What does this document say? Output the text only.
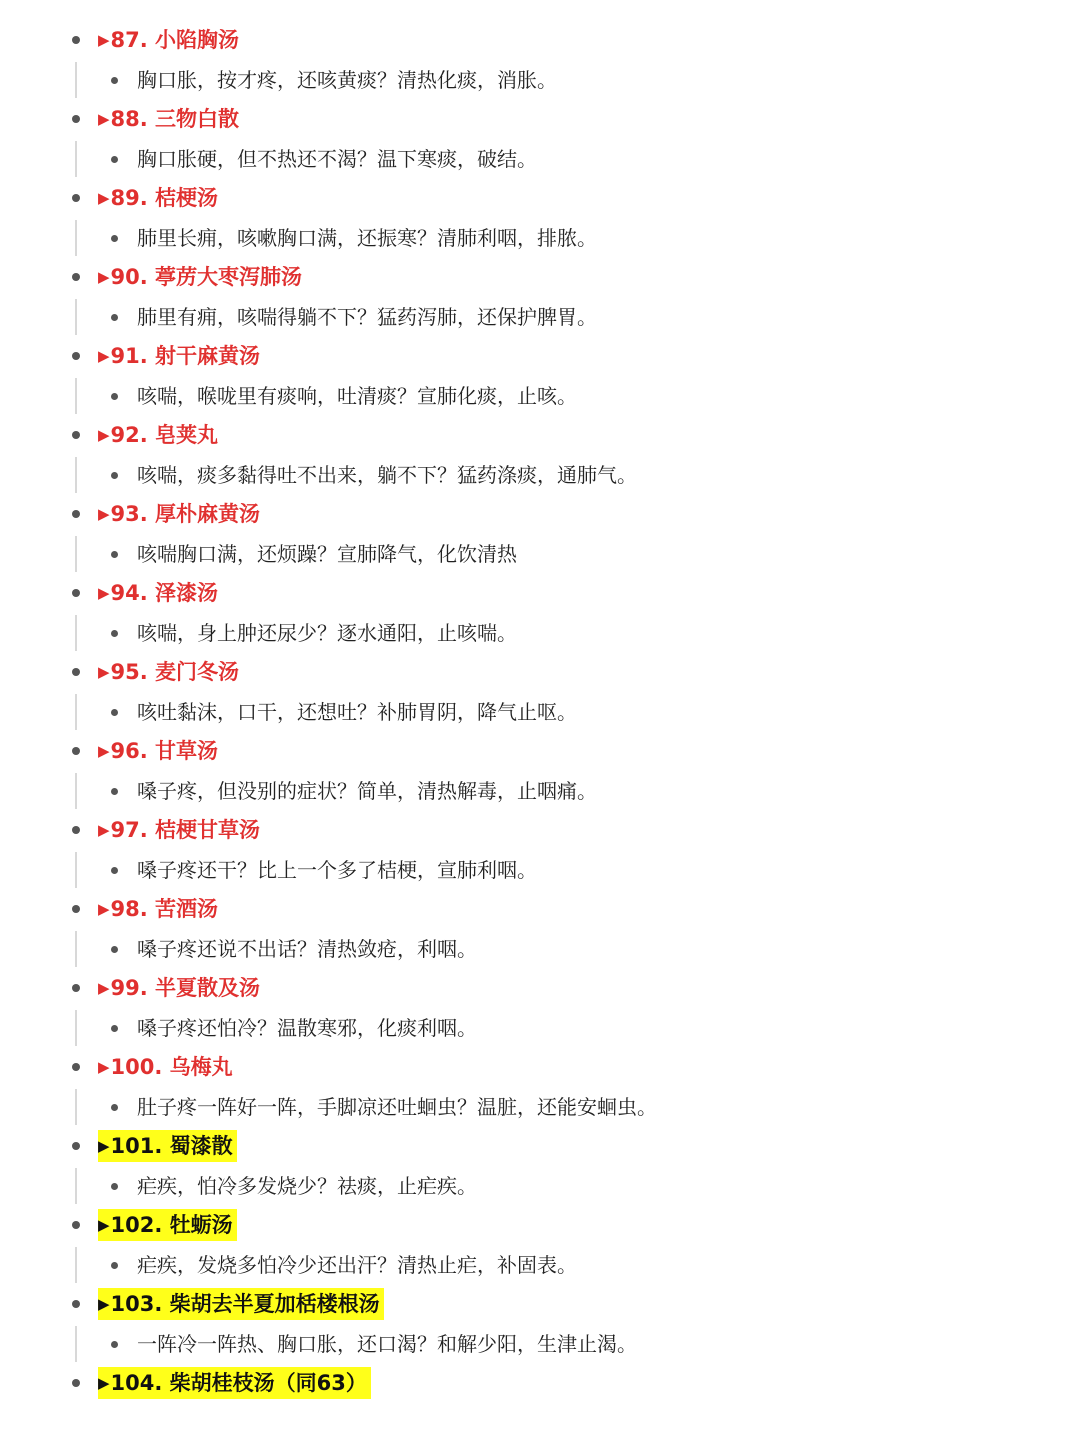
▶87. 小陷胸汤
胸口胀，按才疼，还咳黄痰？清热化痰，消胀。
▶88. 三物白散
胸口胀硬，但不热还不渴？温下寒痰，破结。
▶89. 桔梗汤
肺里长痈，咳嗽胸口满，还振寒？清肺利咽，排脓。
▶90. 葶苈大枣泻肺汤
肺里有痈，咳喘得躺不下？猛药泻肺，还保护脾胃。
▶91. 射干麻黄汤
咳喘，喉咙里有痰响，吐清痰？宣肺化痰，止咳。
▶92. 皂荚丸
咳喘，痰多黏得吐不出来，躺不下？猛药涤痰，通肺气。
▶93. 厚朴麻黄汤
咳喘胸口满，还烦躁？宣肺降气，化饮清热
▶94. 泽漆汤
咳喘，身上肿还尿少？逐水通阳，止咳喘。
▶95. 麦门冬汤
咳吐黏沫，口干，还想吐？补肺胃阴，降气止呕。
▶96. 甘草汤
嗓子疼，但没别的症状？简单，清热解毒，止咽痛。
▶97. 桔梗甘草汤
嗓子疼还干？比上一个多了桔梗，宣肺利咽。
▶98. 苦酒汤
嗓子疼还说不出话？清热敛疮，利咽。
▶99. 半夏散及汤
嗓子疼还怕冷？温散寒邪，化痰利咽。
▶100. 乌梅丸
肚子疼一阵好一阵，手脚凉还吐蛔虫？温脏，还能安蛔虫。
▶101. 蜀漆散
疟疾，怕冷多发烧少？祛痰，止疟疾。
▶102. 牡蛎汤
疟疾，发烧多怕冷少还出汗？清热止疟，补固表。
▶103. 柴胡去半夏加栝楼根汤
一阵冷一阵热、胸口胀，还口渴？和解少阳，生津止渴。
▶104. 柴胡桂枝汤（同63）
